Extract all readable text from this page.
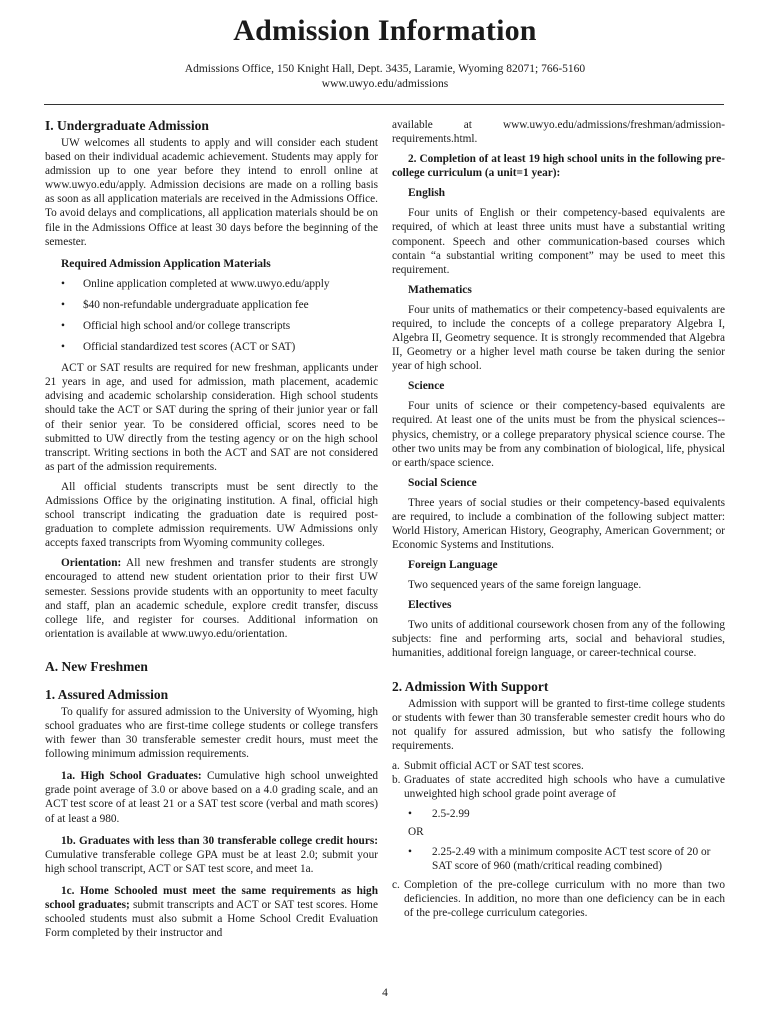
Admission Information
Admissions Office, 150 Knight Hall, Dept. 3435, Laramie, Wyoming 82071; 766-5160
www.uwyo.edu/admissions
I. Undergraduate Admission

UW welcomes all students to apply and will consider each student based on their individual academic achievement. Students may apply for admission up to one year before they intend to enroll online at www.uwyo.edu/apply. Admission decisions are made on a rolling basis as soon as all application materials are received in the Admissions Office. To avoid delays and complications, all application materials should be on file in the Admissions Office at least 30 days before the beginning of the semester.

Required Admission Application Materials
• Online application completed at www.uwyo.edu/apply
• $40 non-refundable undergraduate application fee
• Official high school and/or college transcripts
• Official standardized test scores (ACT or SAT)

ACT or SAT results are required for new freshman, applicants under 21 years in age, and used for admission, math placement, academic advising and academic scholarship consideration. High school students should take the ACT or SAT during the spring of their junior year or fall of their senior year. To be considered official, scores need to be submitted to UW directly from the testing agency or on the high school transcript. Writing sections in both the ACT and SAT are not considered as part of the admission requirements.

All official students transcripts must be sent directly to the Admissions Office by the originating institution. A final, official high school transcript indicating the graduation date is required post-graduation to complete admission requirements. UW Admissions only accepts faxed transcripts from Wyoming community colleges.

Orientation: All new freshmen and transfer students are strongly encouraged to attend new student orientation prior to their first UW semester. Sessions provide students with an opportunity to meet faculty and staff, plan an academic schedule, explore credit transfer, discuss college life, and register for courses. Additional information on orientation is available at www.uwyo.edu/orientation.

A. New Freshmen
1. Assured Admission

To qualify for assured admission to the University of Wyoming, high school graduates who are first-time college students or college transfers with fewer than 30 transferable semester credit hours, must meet the following minimum admission requirements.

1a. High School Graduates: Cumulative high school unweighted grade point average of 3.0 or above based on a 4.0 grading scale, and an ACT test score of at least 21 or a SAT test score (verbal and math scores) of at least a 980.

1b. Graduates with less than 30 transferable college credit hours: Cumulative transferable college GPA must be at least 2.0; submit your high school transcript, ACT or SAT test score, and meet 1a.

1c. Home Schooled must meet the same requirements as high school graduates; submit transcripts and ACT or SAT test scores. Home schooled students must also submit a Home School Credit Evaluation Form completed by their instructor and

available at www.uwyo.edu/admissions/freshman/admission-requirements.html.

2. Completion of at least 19 high school units in the following pre-college curriculum (a unit=1 year):

English

Four units of English or their competency-based equivalents are required, of which at least three units must have a substantial writing component. Speech and other communication-based courses which contain “a substantial writing component” may be used to meet this requirement.

Mathematics

Four units of mathematics or their competency-based equivalents are required, to include the concepts of a college preparatory Algebra I, Algebra II, Geometry sequence. It is strongly recommended that Algebra II, Geometry or a higher level math course be taken during the senior year of high school.

Science

Four units of science or their competency-based equivalents are required. At least one of the units must be from the physical sciences--physics, chemistry, or a college preparatory physical science course. The other two units may be from any combination of biological, life, physical or earth/space science.

Social Science

Three years of social studies or their competency-based equivalents are required, to include a combination of the following subject matter: World History, American History, Geography, American Government; or Economic Systems and Institutions.

Foreign Language

Two sequenced years of the same foreign language.

Electives

Two units of additional coursework chosen from any of the following subjects: fine and performing arts, social and behavioral studies, humanities, additional foreign language, or career-technical course.

2. Admission With Support

Admission with support will be granted to first-time college students or students with fewer than 30 transferable semester credit hours who do not qualify for assured admission, but who satisfy the following requirements.

a. Submit official ACT or SAT test scores.
b. Graduates of state accredited high schools who have a cumulative unweighted high school grade point average of
• 2.5-2.99
OR
• 2.25-2.49 with a minimum composite ACT test score of 20 or SAT score of 960 (math/critical reading combined)
c. Completion of the pre-college curriculum with no more than two deficiencies. In addition, no more than one deficiency can be in each of the pre-college curriculum categories.
4
